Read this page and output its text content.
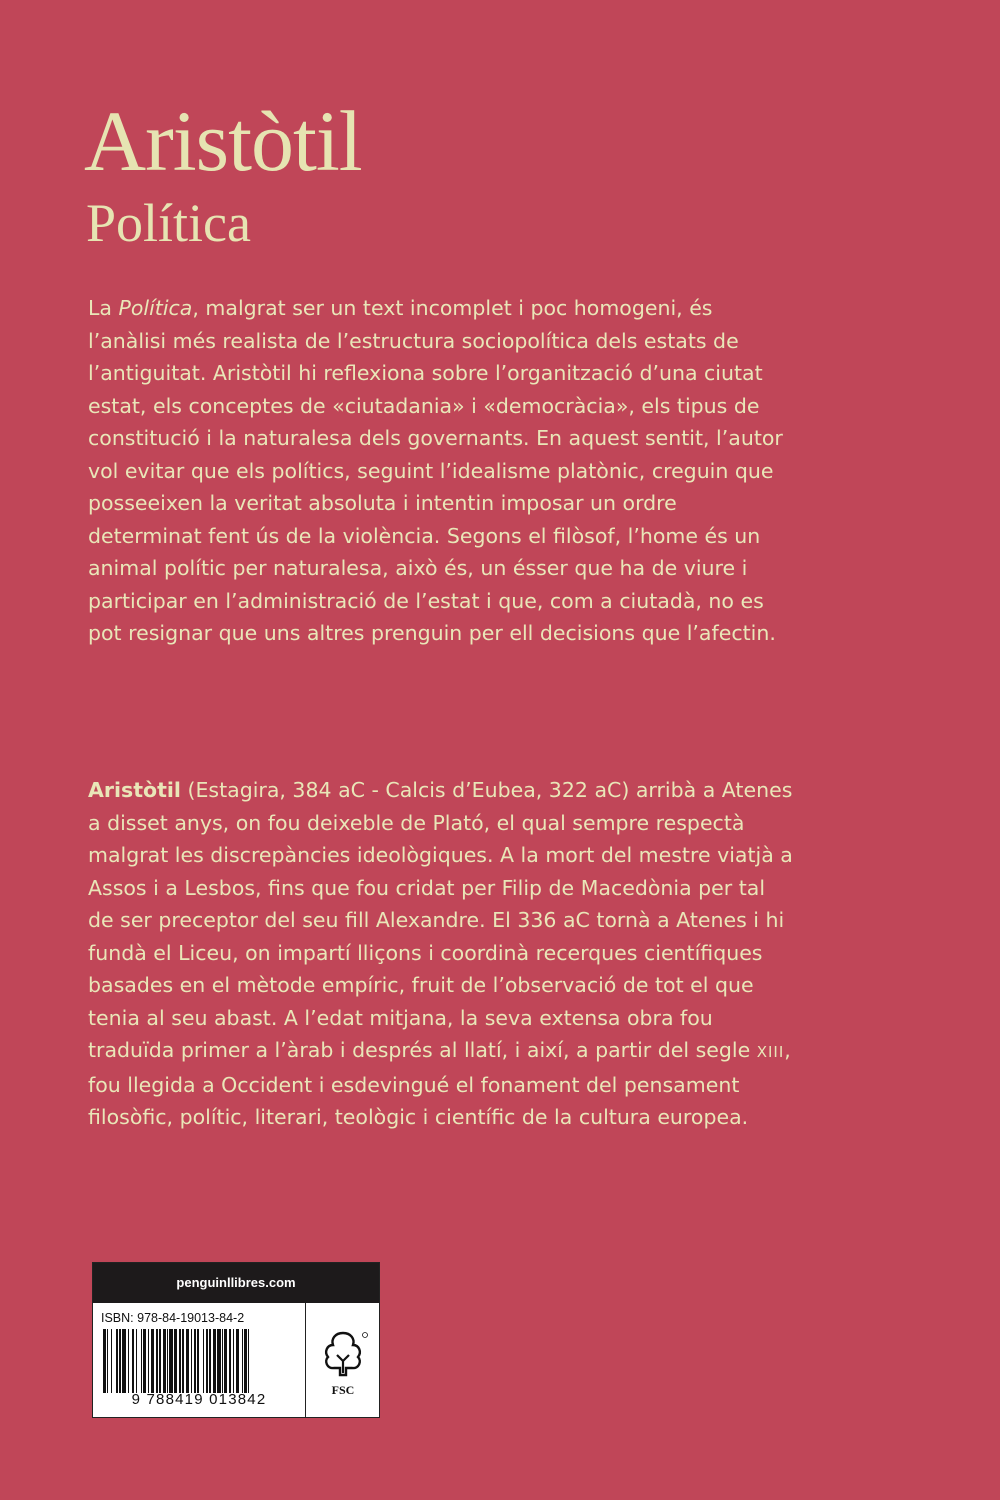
Aristòtil
Política

La Política, malgrat ser un text incomplet i poc homogeni, és l’anàlisi més realista de l’estructura sociopolítica dels estats de l’antiguitat. Aristòtil hi reflexiona sobre l’organització d’una ciutat estat, els conceptes de «ciutadania» i «democràcia», els tipus de constitució i la naturalesa dels governants. En aquest sentit, l’autor vol evitar que els polítics, seguint l’idealisme platònic, creguin que posseeixen la veritat absoluta i intentin imposar un ordre determinat fent ús de la violència. Segons el filòsof, l’home és un animal polític per naturalesa, això és, un ésser que ha de viure i participar en l’administració de l’estat i que, com a ciutadà, no es pot resignar que uns altres prenguin per ell decisions que l’afectin.

Aristòtil (Estagira, 384 aC - Calcis d’Eubea, 322 aC) arribà a Atenes a disset anys, on fou deixeble de Plató, el qual sempre respectà malgrat les discrepàncies ideològiques. A la mort del mestre viatjà a Assos i a Lesbos, fins que fou cridat per Filip de Macedònia per tal de ser preceptor del seu fill Alexandre. El 336 aC tornà a Atenes i hi fundà el Liceu, on impartí lliçons i coordinà recerques científiques basades en el mètode empíric, fruit de l’observació de tot el que tenia al seu abast. A l’edat mitjana, la seva extensa obra fou traduïda primer a l’àrab i després al llatí, i així, a partir del segle XIII, fou llegida a Occident i esdevingué el fonament del pensament filosòfic, polític, literari, teològic i científic de la cultura europea.

penguinllibres.com
ISBN: 978-84-19013-84-2
9 788419 013842
FSC
